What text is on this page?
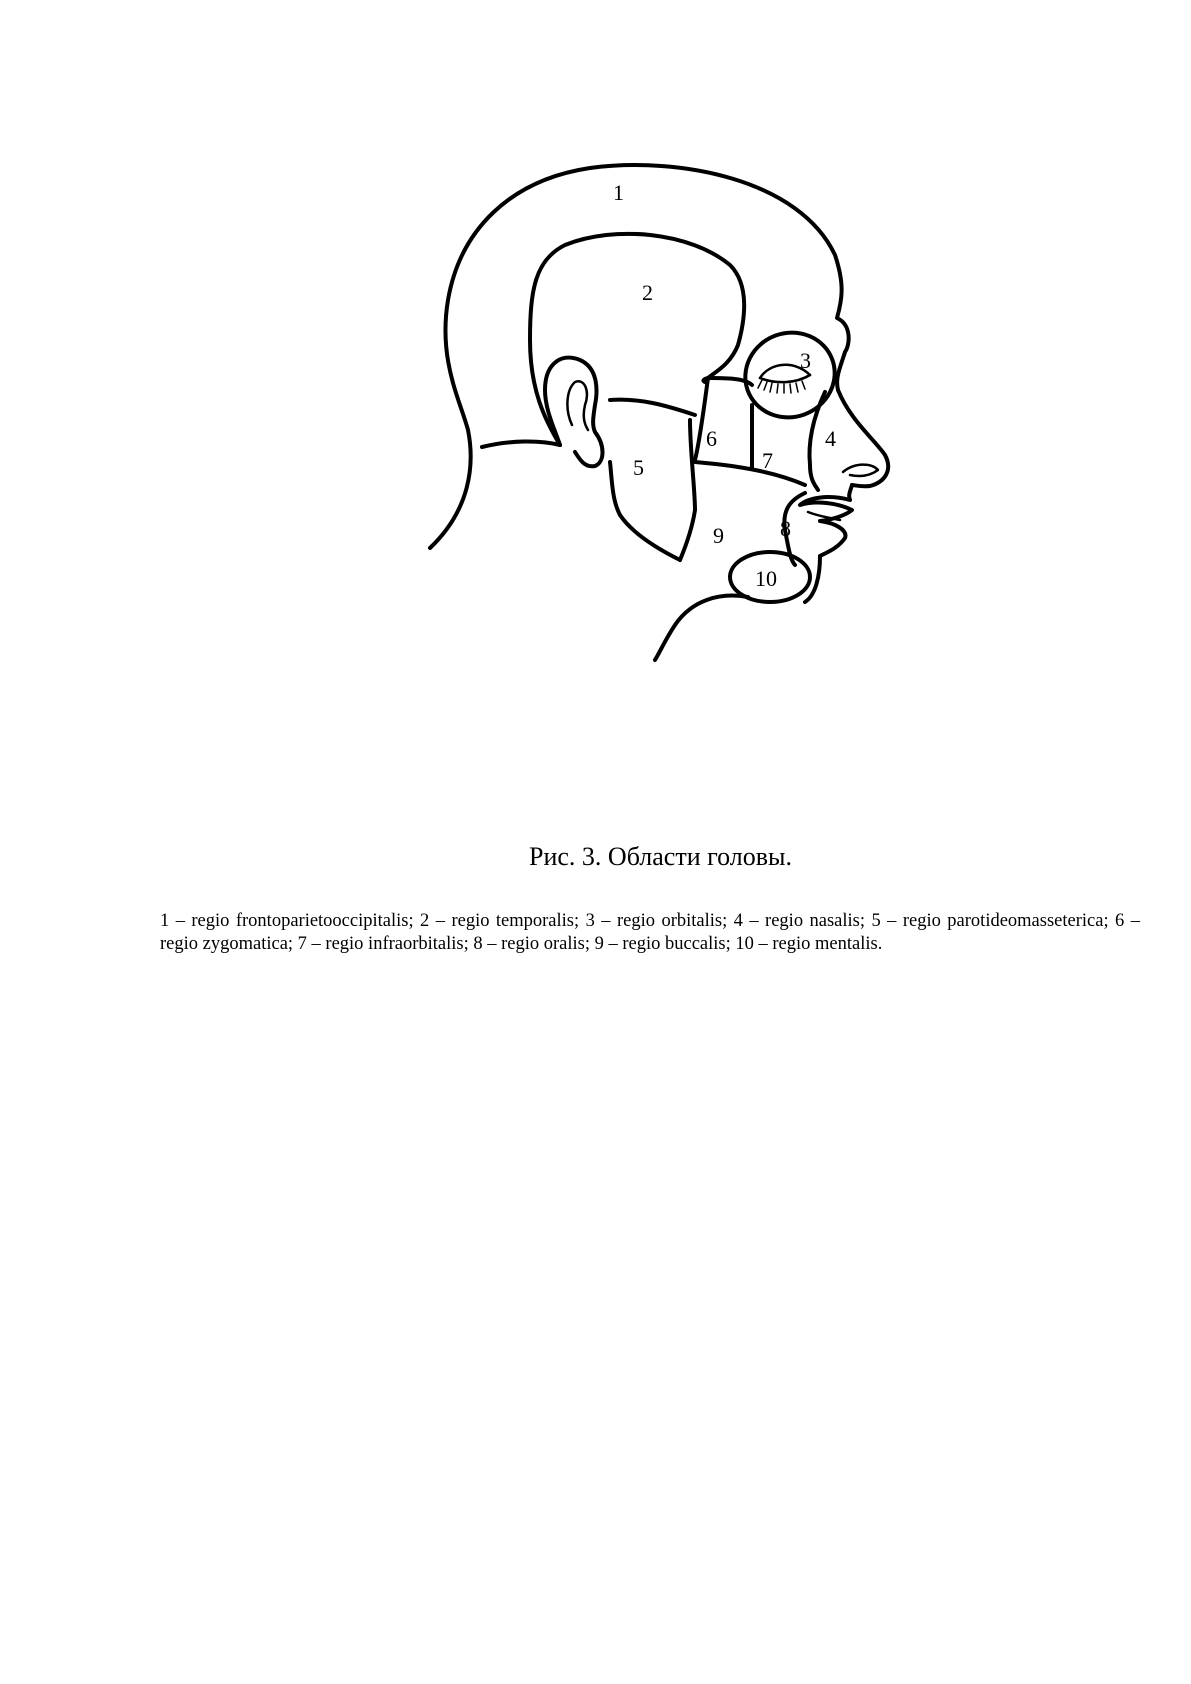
1
2
3
4
5
6
7
8
9
10
Рис. 3. Области головы.
1 – regio frontoparietooccipitalis; 2 – regio temporalis; 3 – regio orbitalis; 4 – regio nasalis; 5 – regio parotideomasseterica; 6 – regio zygomatica; 7 – regio infraorbitalis; 8 – regio oralis; 9 – regio buccalis; 10 – regio mentalis.
